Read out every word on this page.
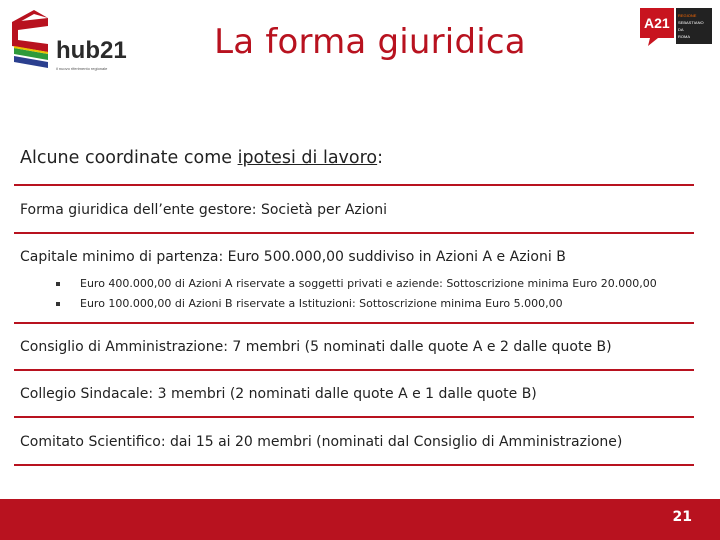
hub21
il nuovo riferimento regionale
A21 REGIONE
SEBASTIANO
DA
ROMA
La forma giuridica
Alcune coordinate come ipotesi di lavoro:
Forma giuridica dell’ente gestore: Società per Azioni
Capitale minimo di partenza: Euro 500.000,00 suddiviso in Azioni A e Azioni B
Euro 400.000,00 di Azioni A riservate a soggetti privati e aziende: Sottoscrizione minima Euro 20.000,00
Euro 100.000,00 di Azioni B riservate a Istituzioni: Sottoscrizione minima Euro 5.000,00
Consiglio di Amministrazione: 7 membri (5 nominati dalle quote A e 2 dalle quote B)
Collegio Sindacale: 3 membri (2 nominati dalle quote A e 1 dalle quote B)
Comitato Scientifico: dai 15 ai 20 membri (nominati dal Consiglio di Amministrazione)
21
